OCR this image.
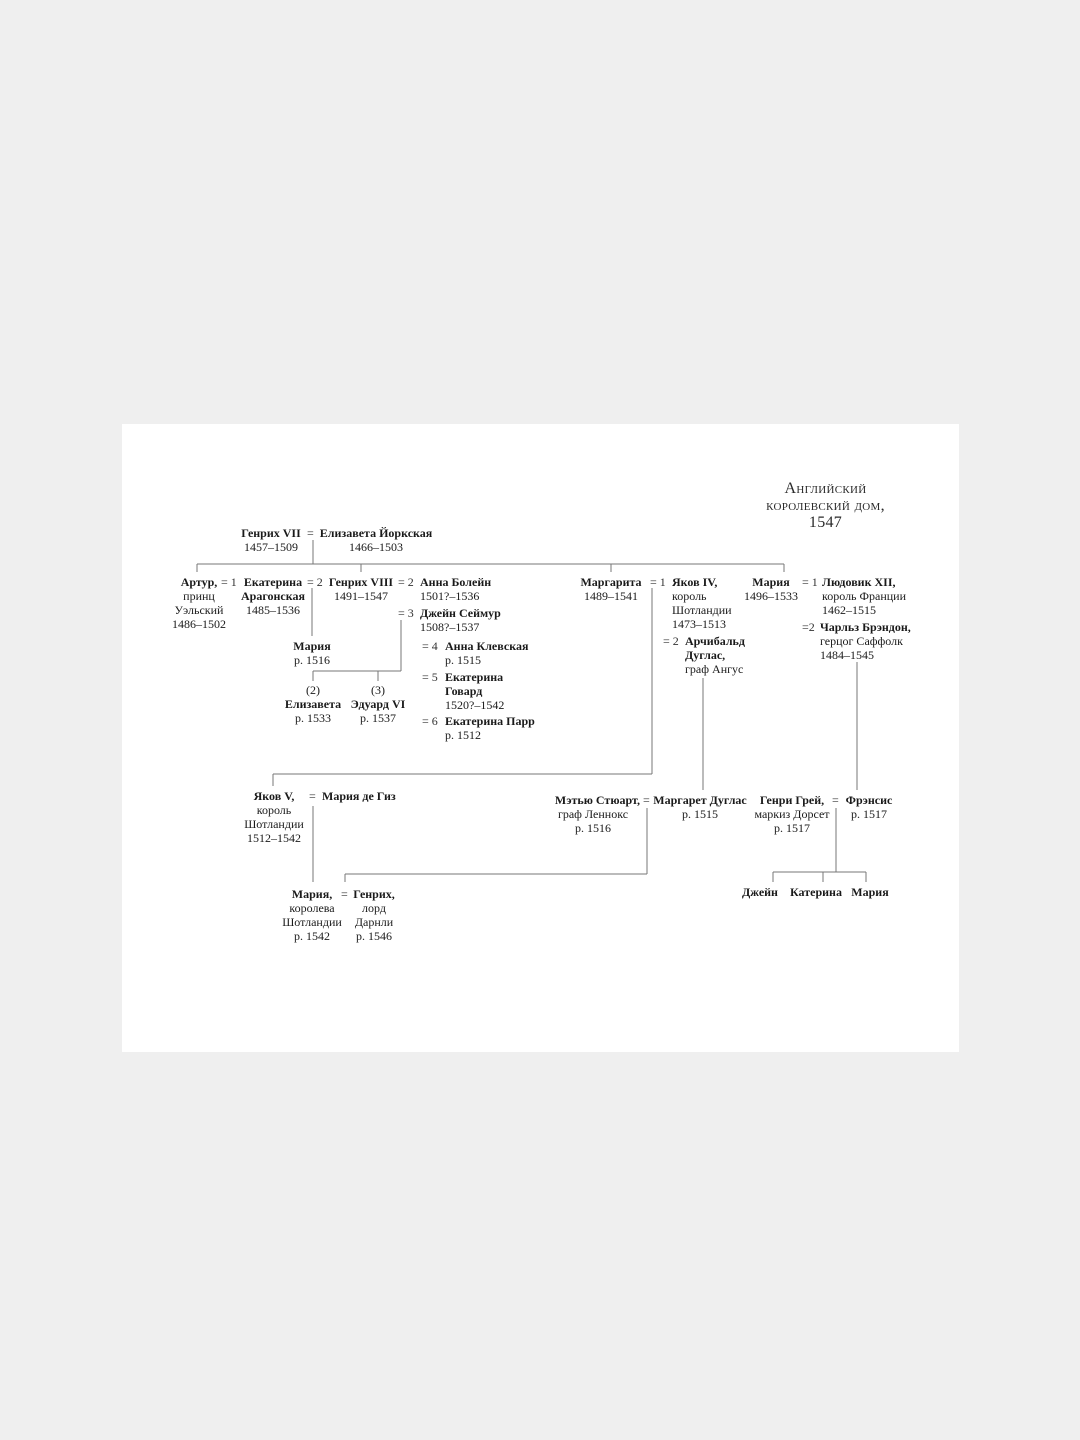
Английский
королевский дом,
1547
Генрих VII
1457–1509
= Елизавета Йоркская
1466–1503
Артур,
принц
Уэльский
1486–1502
= 1 Екатерина
Арагонская
1485–1536
= 2 Генрих VIII
1491–1547
= 2 Анна Болейн
1501?–1536
= 3 Джейн Сеймур
1508?–1537
= 4 Анна Клевская
р. 1515
= 5 Екатерина
Говард
1520?–1542
= 6 Екатерина Парр
р. 1512
Мария
р. 1516
(2)
Елизавета
р. 1533
(3)
Эдуард VI
р. 1537
Маргарита
1489–1541
= 1 Яков IV,
король
Шотландии
1473–1513
= 2 Арчибальд
Дуглас,
граф Ангус
Мария
1496–1533
= 1 Людовик XII,
король Франции
1462–1515
=2 Чарльз Брэндон,
герцог Саффолк
1484–1545
Яков V,
король
Шотландии
1512–1542
= Мария де Гиз	Мэтью Стюарт,
граф Леннокс
р. 1516
= Маргарет Дуглас
р. 1515
Генри Грей,
маркиз Дорсет
р. 1517
= Фрэнсис
р. 1517
Мария,
королева
Шотландии
р. 1542
= Генрих,
лорд
Дарнли
р. 1546
Джейн	Катерина Мария
